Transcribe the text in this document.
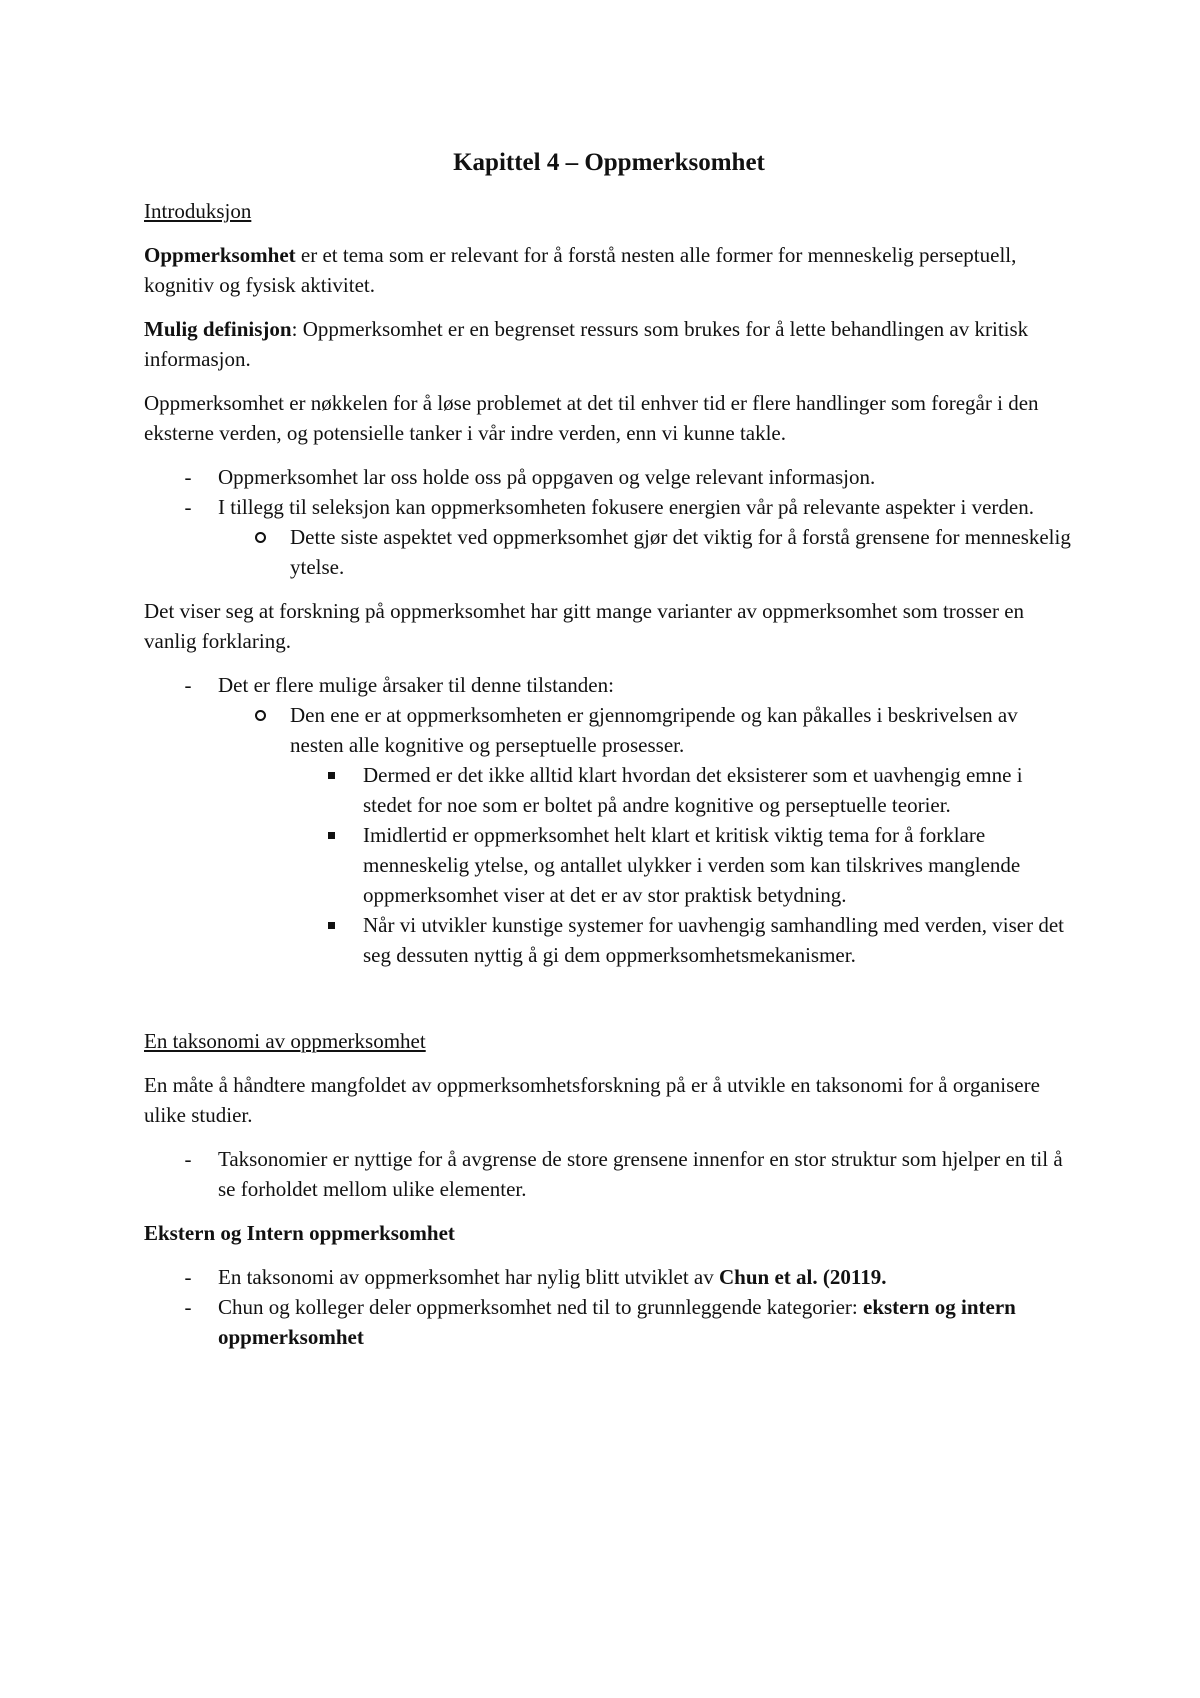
Kapittel 4 – Oppmerksomhet
Introduksjon

Oppmerksomhet er et tema som er relevant for å forstå nesten alle former for menneskelig perseptuell, kognitiv og fysisk aktivitet.

Mulig definisjon: Oppmerksomhet er en begrenset ressurs som brukes for å lette behandlingen av kritisk informasjon.

Oppmerksomhet er nøkkelen for å løse problemet at det til enhver tid er flere handlinger som foregår i den eksterne verden, og potensielle tanker i vår indre verden, enn vi kunne takle.

-	Oppmerksomhet lar oss holde oss på oppgaven og velge relevant informasjon.
-	I tillegg til seleksjon kan oppmerksomheten fokusere energien vår på relevante aspekter i verden.
Dette siste aspektet ved oppmerksomhet gjør det viktig for å forstå grensene for menneskelig ytelse.

Det viser seg at forskning på oppmerksomhet har gitt mange varianter av oppmerksomhet som trosser en vanlig forklaring.

-	Det er flere mulige årsaker til denne tilstanden:
Den ene er at oppmerksomheten er gjennomgripende og kan påkalles i beskrivelsen av nesten alle kognitive og perseptuelle prosesser.
Dermed er det ikke alltid klart hvordan det eksisterer som et uavhengig emne i stedet for noe som er boltet på andre kognitive og perseptuelle teorier.
Imidlertid er oppmerksomhet helt klart et kritisk viktig tema for å forklare menneskelig ytelse, og antallet ulykker i verden som kan tilskrives manglende oppmerksomhet viser at det er av stor praktisk betydning.
Når vi utvikler kunstige systemer for uavhengig samhandling med verden, viser det seg dessuten nyttig å gi dem oppmerksomhetsmekanismer.
En taksonomi av oppmerksomhet

En måte å håndtere mangfoldet av oppmerksomhetsforskning på er å utvikle en taksonomi for å organisere ulike studier.

-	Taksonomier er nyttige for å avgrense de store grensene innenfor en stor struktur som hjelper en til å se forholdet mellom ulike elementer.

Ekstern og Intern oppmerksomhet

-	En taksonomi av oppmerksomhet har nylig blitt utviklet av Chun et al. (20119.
-	Chun og kolleger deler oppmerksomhet ned til to grunnleggende kategorier: ekstern og intern oppmerksomhet
